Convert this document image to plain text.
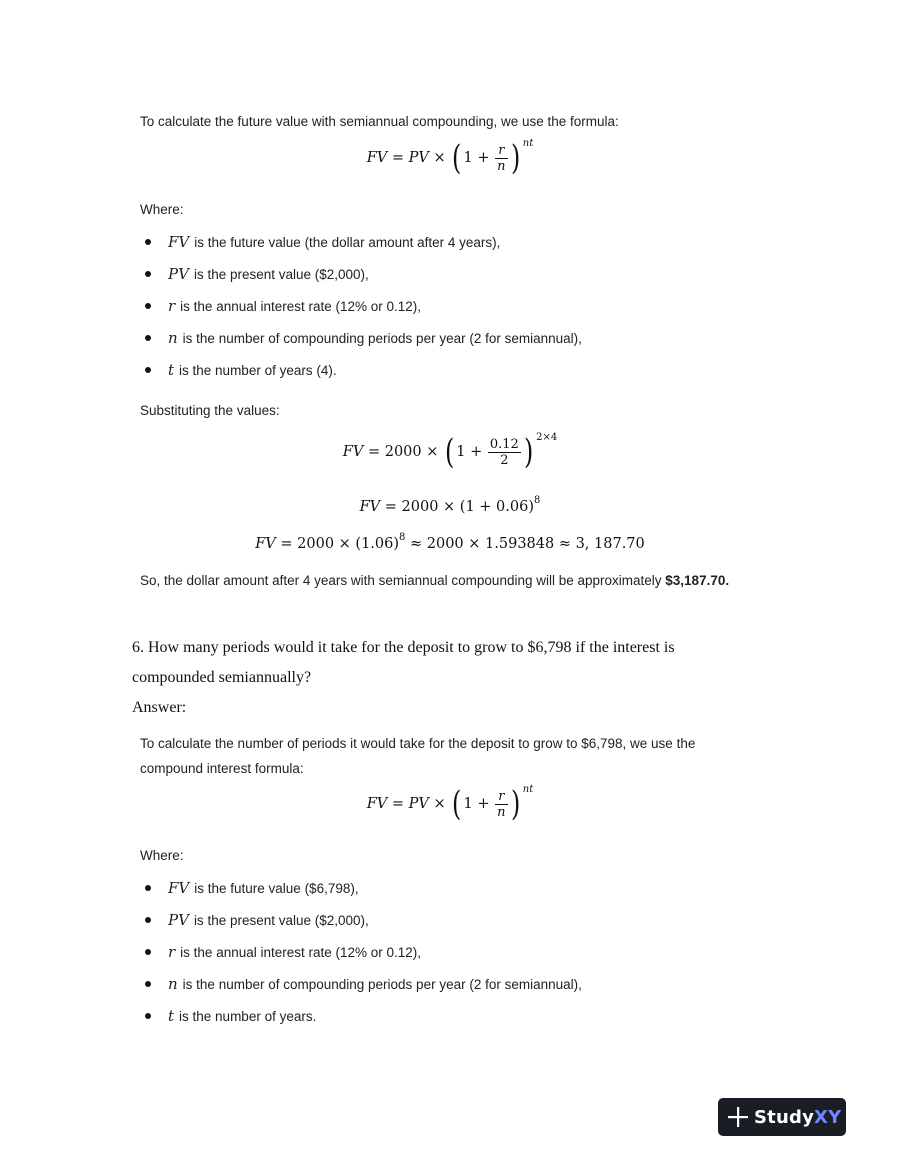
To calculate the future value with semiannual compounding, we use the formula:
FV = PV × ( $1 + \frac{r}{n}$ ) $^{nt}$
Where:
FV is the future value (the dollar amount after 4 years),
PV is the present value ($2,000),
r is the annual interest rate (12% or 0.12),
n is the number of compounding periods per year (2 for semiannual),
t is the number of years (4).
Substituting the values:
FV = 2000 × ( $1 + \frac{0.12}{2}$ ) $^{2\times 4}$
FV = $2000 \times (1 + 0.06)^8$
FV = $2000 \times (1.06)^8 \approx 2000 \times 1.593848 \approx 3$, 187.70
So, the dollar amount after 4 years with semiannual compounding will be approximately $3,187.70.
6. How many periods would it take for the deposit to grow to $6,798 if the interest is
compounded semiannually?
Answer:
To calculate the number of periods it would take for the deposit to grow to $6,798, we use the
compound interest formula:
FV = PV × ( $1 + \frac{r}{n}$ ) $^{nt}$
Where:
FV is the future value ($6,798),
PV is the present value ($2,000),
r is the annual interest rate (12% or 0.12),
n is the number of compounding periods per year (2 for semiannual),
t is the number of years.
StudyXY
